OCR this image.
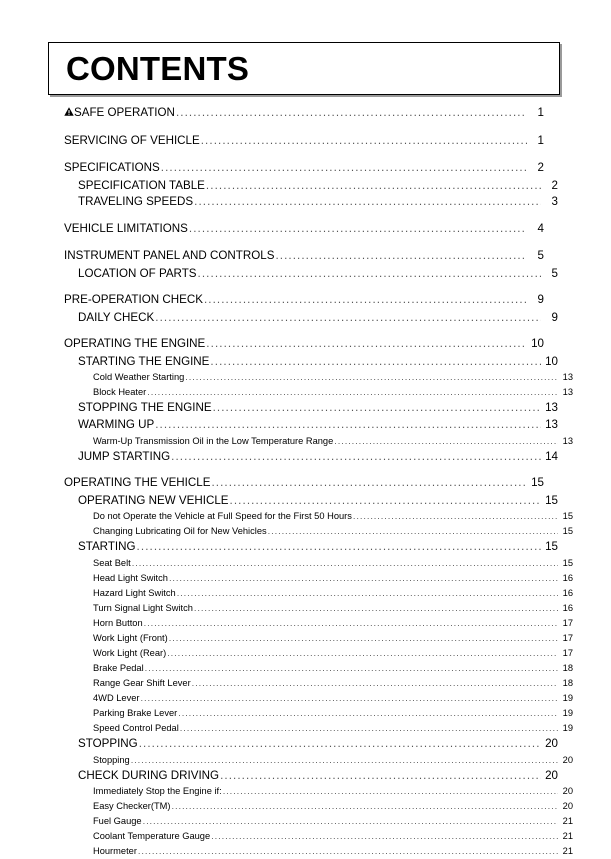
CONTENTS
SAFE OPERATION .....	1
SERVICING OF VEHICLE .....	1
SPECIFICATIONS .....	2
SPECIFICATION TABLE .....	2
TRAVELING SPEEDS .....	3
VEHICLE LIMITATIONS .....	4
INSTRUMENT PANEL AND CONTROLS .....	5
LOCATION OF PARTS .....	5
PRE-OPERATION CHECK .....	9
DAILY CHECK .....	9
OPERATING THE ENGINE .....	10
STARTING THE ENGINE .....	10
Cold Weather Starting .....	13
Block Heater .....	13
STOPPING THE ENGINE .....	13
WARMING UP .....	13
Warm-Up Transmission Oil in the Low Temperature Range .....	13
JUMP STARTING .....	14
OPERATING THE VEHICLE .....	15
OPERATING NEW VEHICLE .....	15
Do not Operate the Vehicle at Full Speed for the First 50 Hours .....	15
Changing Lubricating Oil for New Vehicles .....	15
STARTING .....	15
Seat Belt .....	15
Head Light Switch .....	16
Hazard Light Switch .....	16
Turn Signal Light Switch .....	16
Horn Button .....	17
Work Light (Front) .....	17
Work Light (Rear) .....	17
Brake Pedal .....	18
Range Gear Shift Lever .....	18
4WD Lever .....	19
Parking Brake Lever .....	19
Speed Control Pedal .....	19
STOPPING .....	20
Stopping .....	20
CHECK DURING DRIVING .....	20
Immediately Stop the Engine if: .....	20
Easy Checker(TM) .....	20
Fuel Gauge .....	21
Coolant Temperature Gauge .....	21
Hourmeter .....	21
